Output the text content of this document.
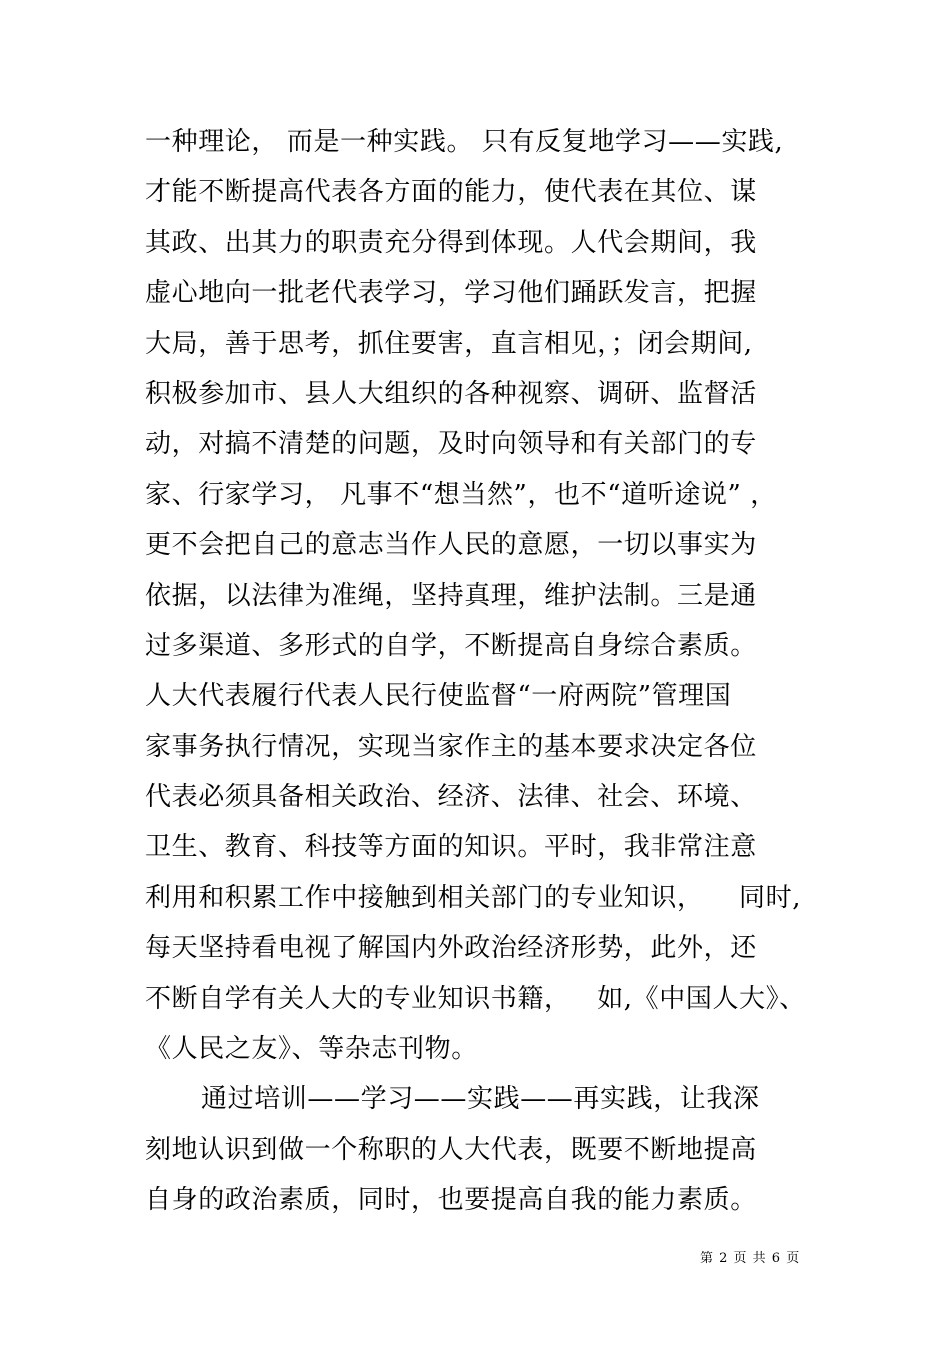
一种理论， 而是一种实践。 只有反复地学习——实践,
才能不断提高代表各方面的能力，使代表在其位、谋
其政、出其力的职责充分得到体现。人代会期间，我
虚心地向一批老代表学习，学习他们踊跃发言，把握
大局，善于思考，抓住要害，直言相见，；闭会期间,
积极参加市、县人大组织的各种视察、调研、监督活
动，对搞不清楚的问题，及时向领导和有关部门的专
家、行家学习， 凡事不“想当然”，也不“道听途说” ，
更不会把自己的意志当作人民的意愿，一切以事实为
依据，以法律为准绳，坚持真理，维护法制。三是通
过多渠道、多形式的自学，不断提高自身综合素质。
人大代表履行代表人民行使监督“一府两院”管理国
家事务执行情况，实现当家作主的基本要求决定各位
代表必须具备相关政治、经济、法律、社会、环境、
卫生、教育、科技等方面的知识。平时，我非常注意
利用和积累工作中接触到相关部门的专业知识，    同时,
每天坚持看电视了解国内外政治经济形势，此外，还
不断自学有关人大的专业知识书籍，   如,《中国人大》、
《人民之友》、等杂志刊物。
通过培训——学习——实践——再实践，让我深
刻地认识到做一个称职的人大代表，既要不断地提高
自身的政治素质，同时，也要提高自我的能力素质。
第 2 页 共 6 页
